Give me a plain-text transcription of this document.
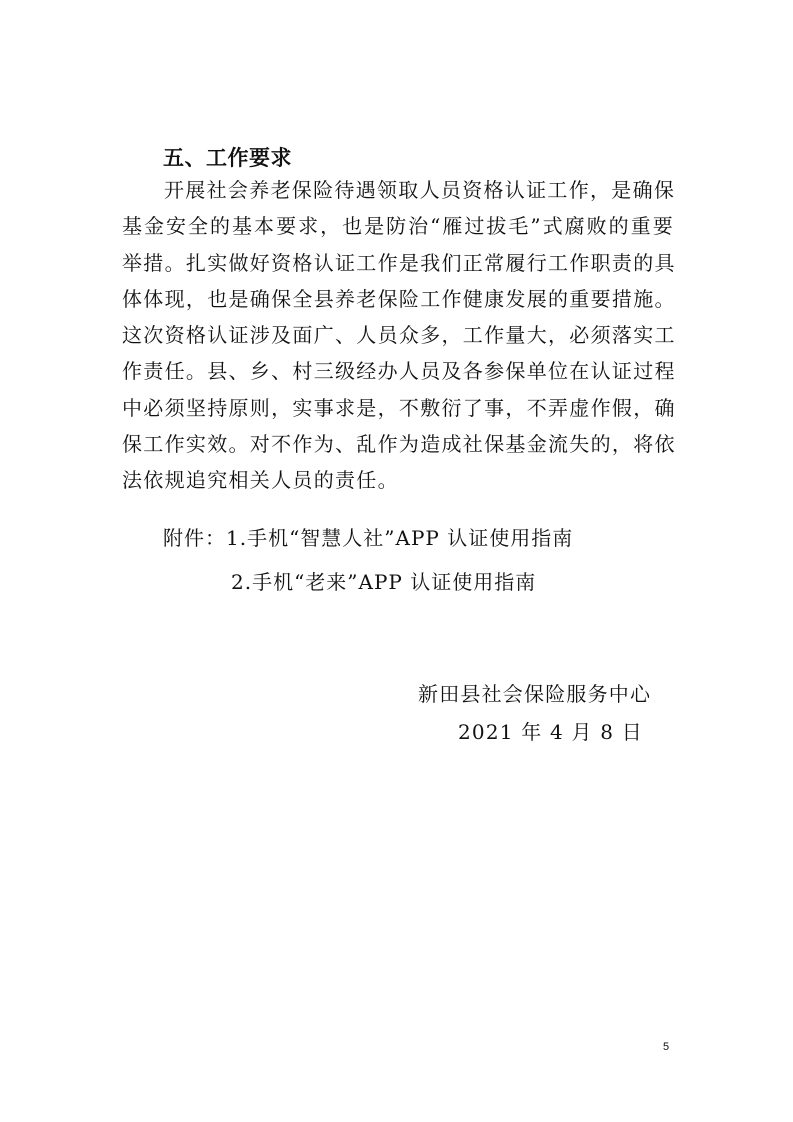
五、工作要求
开展社会养老保险待遇领取人员资格认证工作，是确保
基金安全的基本要求，也是防治“雁过拔毛”式腐败的重要
举措。扎实做好资格认证工作是我们正常履行工作职责的具
体体现，也是确保全县养老保险工作健康发展的重要措施。
这次资格认证涉及面广、人员众多，工作量大，必须落实工
作责任。县、乡、村三级经办人员及各参保单位在认证过程
中必须坚持原则，实事求是，不敷衍了事，不弄虚作假，确
保工作实效。对不作为、乱作为造成社保基金流失的，将依
法依规追究相关人员的责任。
附件：1.手机“智慧人社”APP 认证使用指南
2.手机“老来”APP 认证使用指南
新田县社会保险服务中心
2021 年 4 月 8 日
5
